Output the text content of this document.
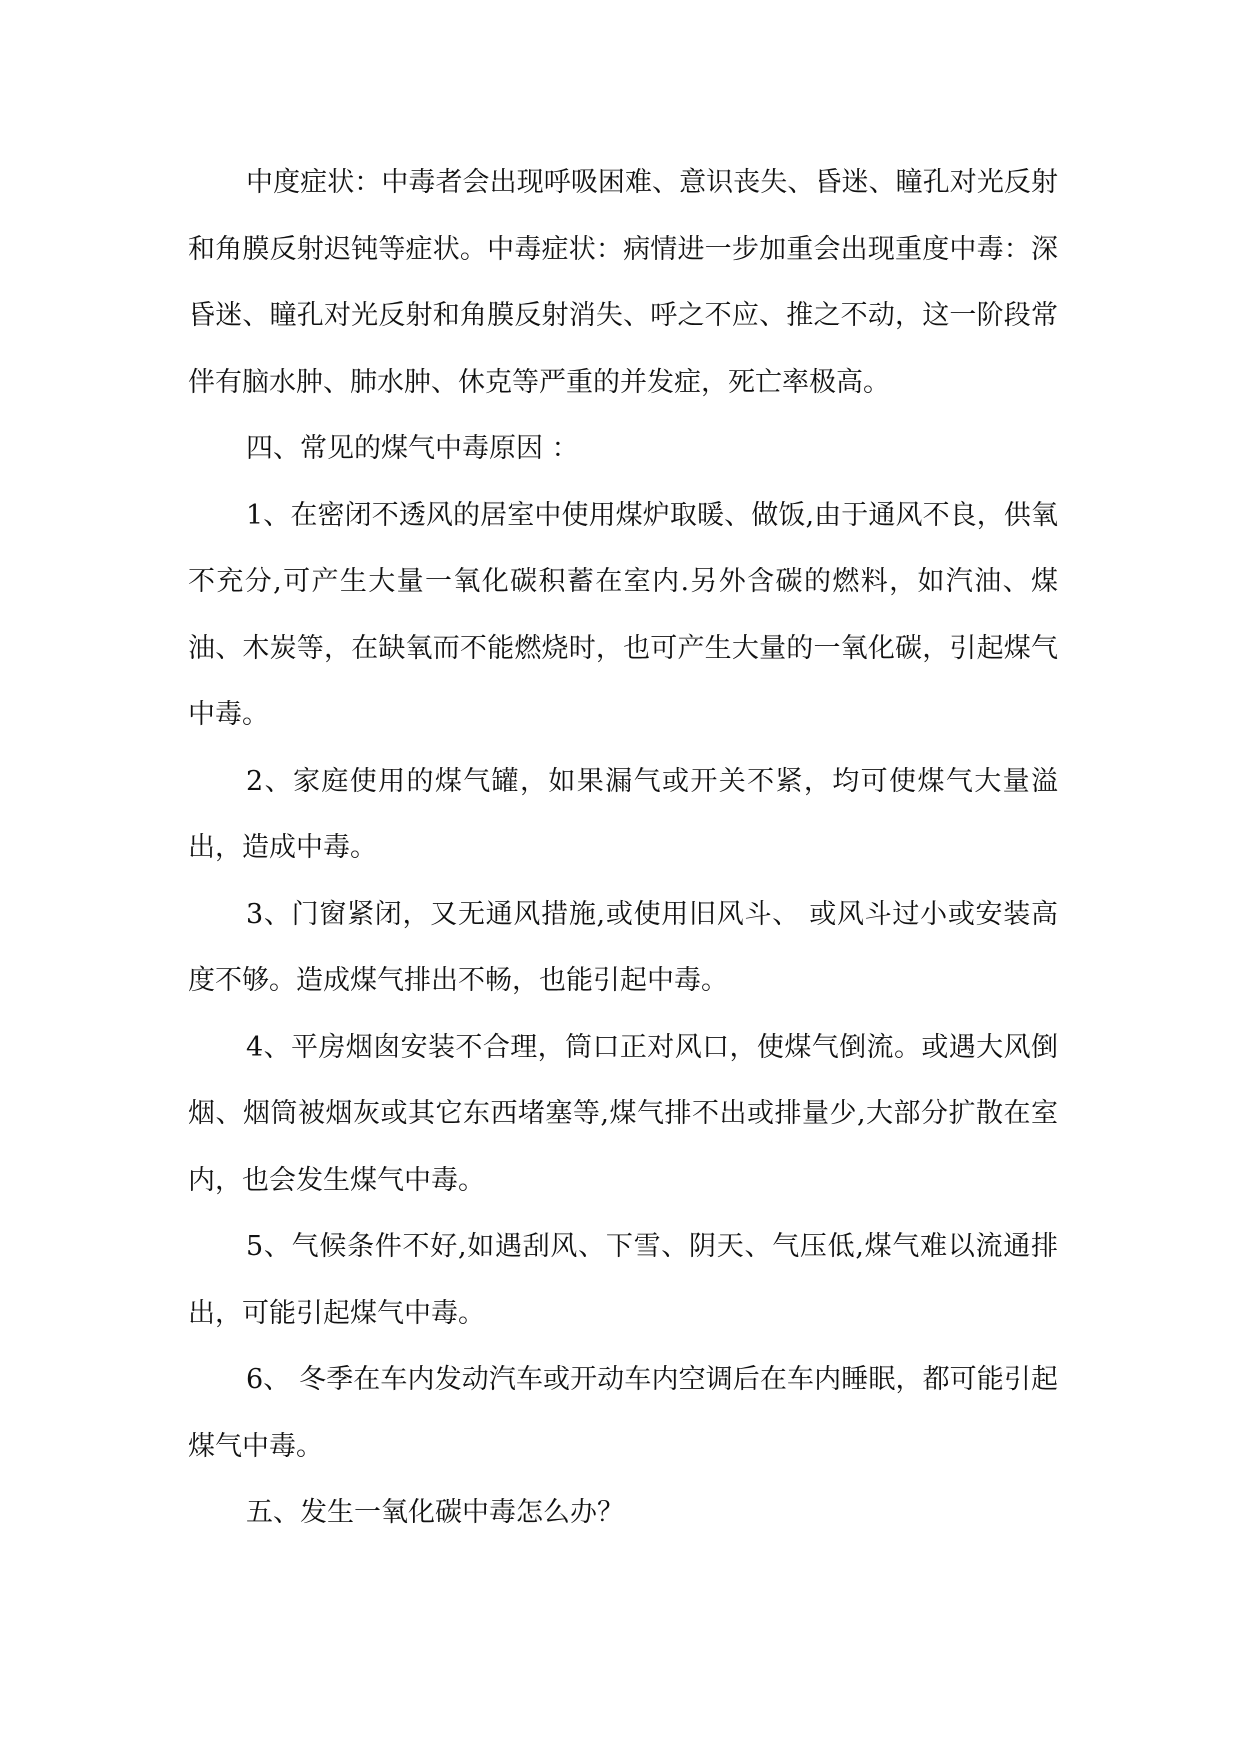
中度症状：中毒者会出现呼吸困难、意识丧失、昏迷、瞳孔对光反射和角膜反射迟钝等症状。中毒症状：病情进一步加重会出现重度中毒：深昏迷、瞳孔对光反射和角膜反射消失、呼之不应、推之不动，这一阶段常伴有脑水肿、肺水肿、休克等严重的并发症，死亡率极高。

四、常见的煤气中毒原因 ：

1、在密闭不透风的居室中使用煤炉取暖、做饭,由于通风不良，供氧不充分,可产生大量一氧化碳积蓄在室内.另外含碳的燃料，如汽油、煤 油、木炭等，在缺氧而不能燃烧时，也可产生大量的一氧化碳，引起煤气中毒。

2、家庭使用的煤气罐，如果漏气或开关不紧，均可使煤气大量溢出，造成中毒。

3、门窗紧闭，又无通风措施,或使用旧风斗、 或风斗过小或安装高度不够。造成煤气排出不畅，也能引起中毒。

4、平房烟囱安装不合理，筒口正对风口，使煤气倒流。或遇大风倒烟、烟筒被烟灰或其它东西堵塞等,煤气排不出或排量少,大部分扩散在室内，也会发生煤气中毒。

5、气候条件不好,如遇刮风、下雪、阴天、气压低,煤气难以流通排出，可能引起煤气中毒。

6、 冬季在车内发动汽车或开动车内空调后在车内睡眠，都可能引起煤气中毒。

五、发生一氧化碳中毒怎么办？
